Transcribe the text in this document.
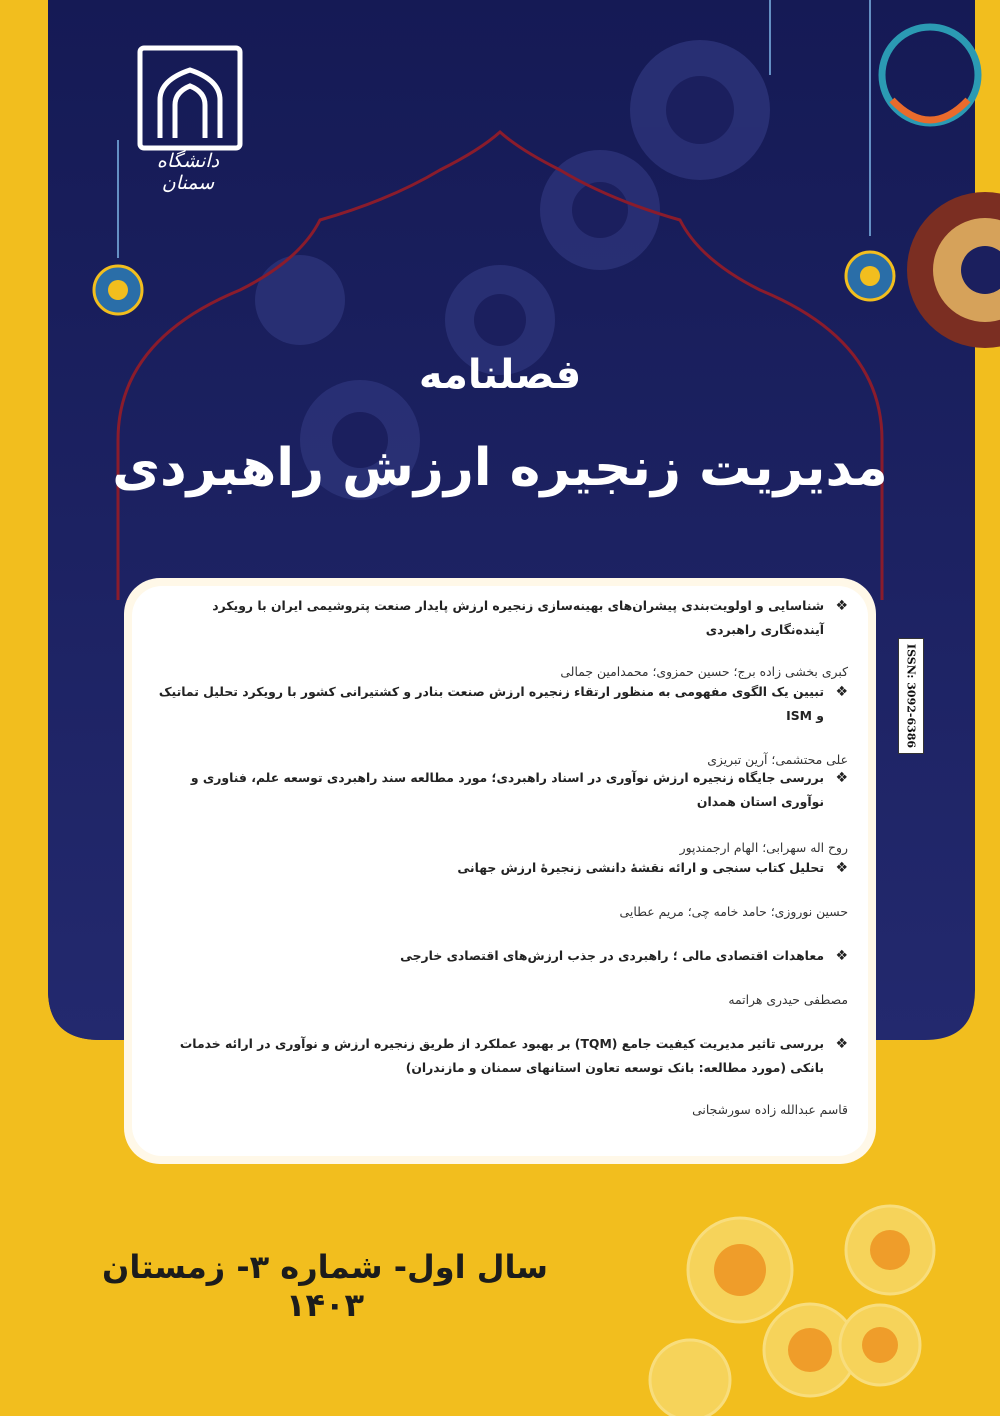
دانشگاه سمنان
فصلنامه
مدیریت زنجیره ارزش راهبردی
ISSN: 3092-6386
❖
شناسایی و اولویت‌بندی پیشران‌های بهینه‌سازی زنجیره ارزش پایدار صنعت پتروشیمی ایران با رویکرد آینده‌نگاری راهبردی
کبری بخشی زاده برج؛ حسین حمزوی؛ محمدامین جمالی
❖
تبیین یک الگوی مفهومی به منظور ارتقاء زنجیره ارزش صنعت بنادر و کشتیرانی کشور با رویکرد تحلیل تماتیک و ISM
علی محتشمی؛ آرین تبریزی
❖
بررسی جایگاه زنجیره ارزش نوآوری در اسناد راهبردی؛ مورد مطالعه سند راهبردی توسعه علم، فناوری و نوآوری استان همدان
روح اله سهرابی؛ الهام ارجمندپور
❖
تحلیل کتاب سنجی و ارائه نقشهٔ دانشی زنجیرهٔ ارزش جهانی
حسین نوروزی؛ حامد خامه چی؛ مریم عطایی
❖
معاهدات اقتصادی مالی ؛ راهبردی در جذب ارزش‌های اقتصادی خارجی
مصطفی حیدری هراتمه
❖
بررسی تاثیر مدیریت کیفیت جامع (TQM) بر بهبود عملکرد از طریق زنجیره ارزش و نوآوری در ارائه خدمات بانکی (مورد مطالعه: بانک توسعه تعاون استانهای سمنان و مازندران)
قاسم عبدالله زاده سورشجانی
سال اول- شماره ۳- زمستان ۱۴۰۳
